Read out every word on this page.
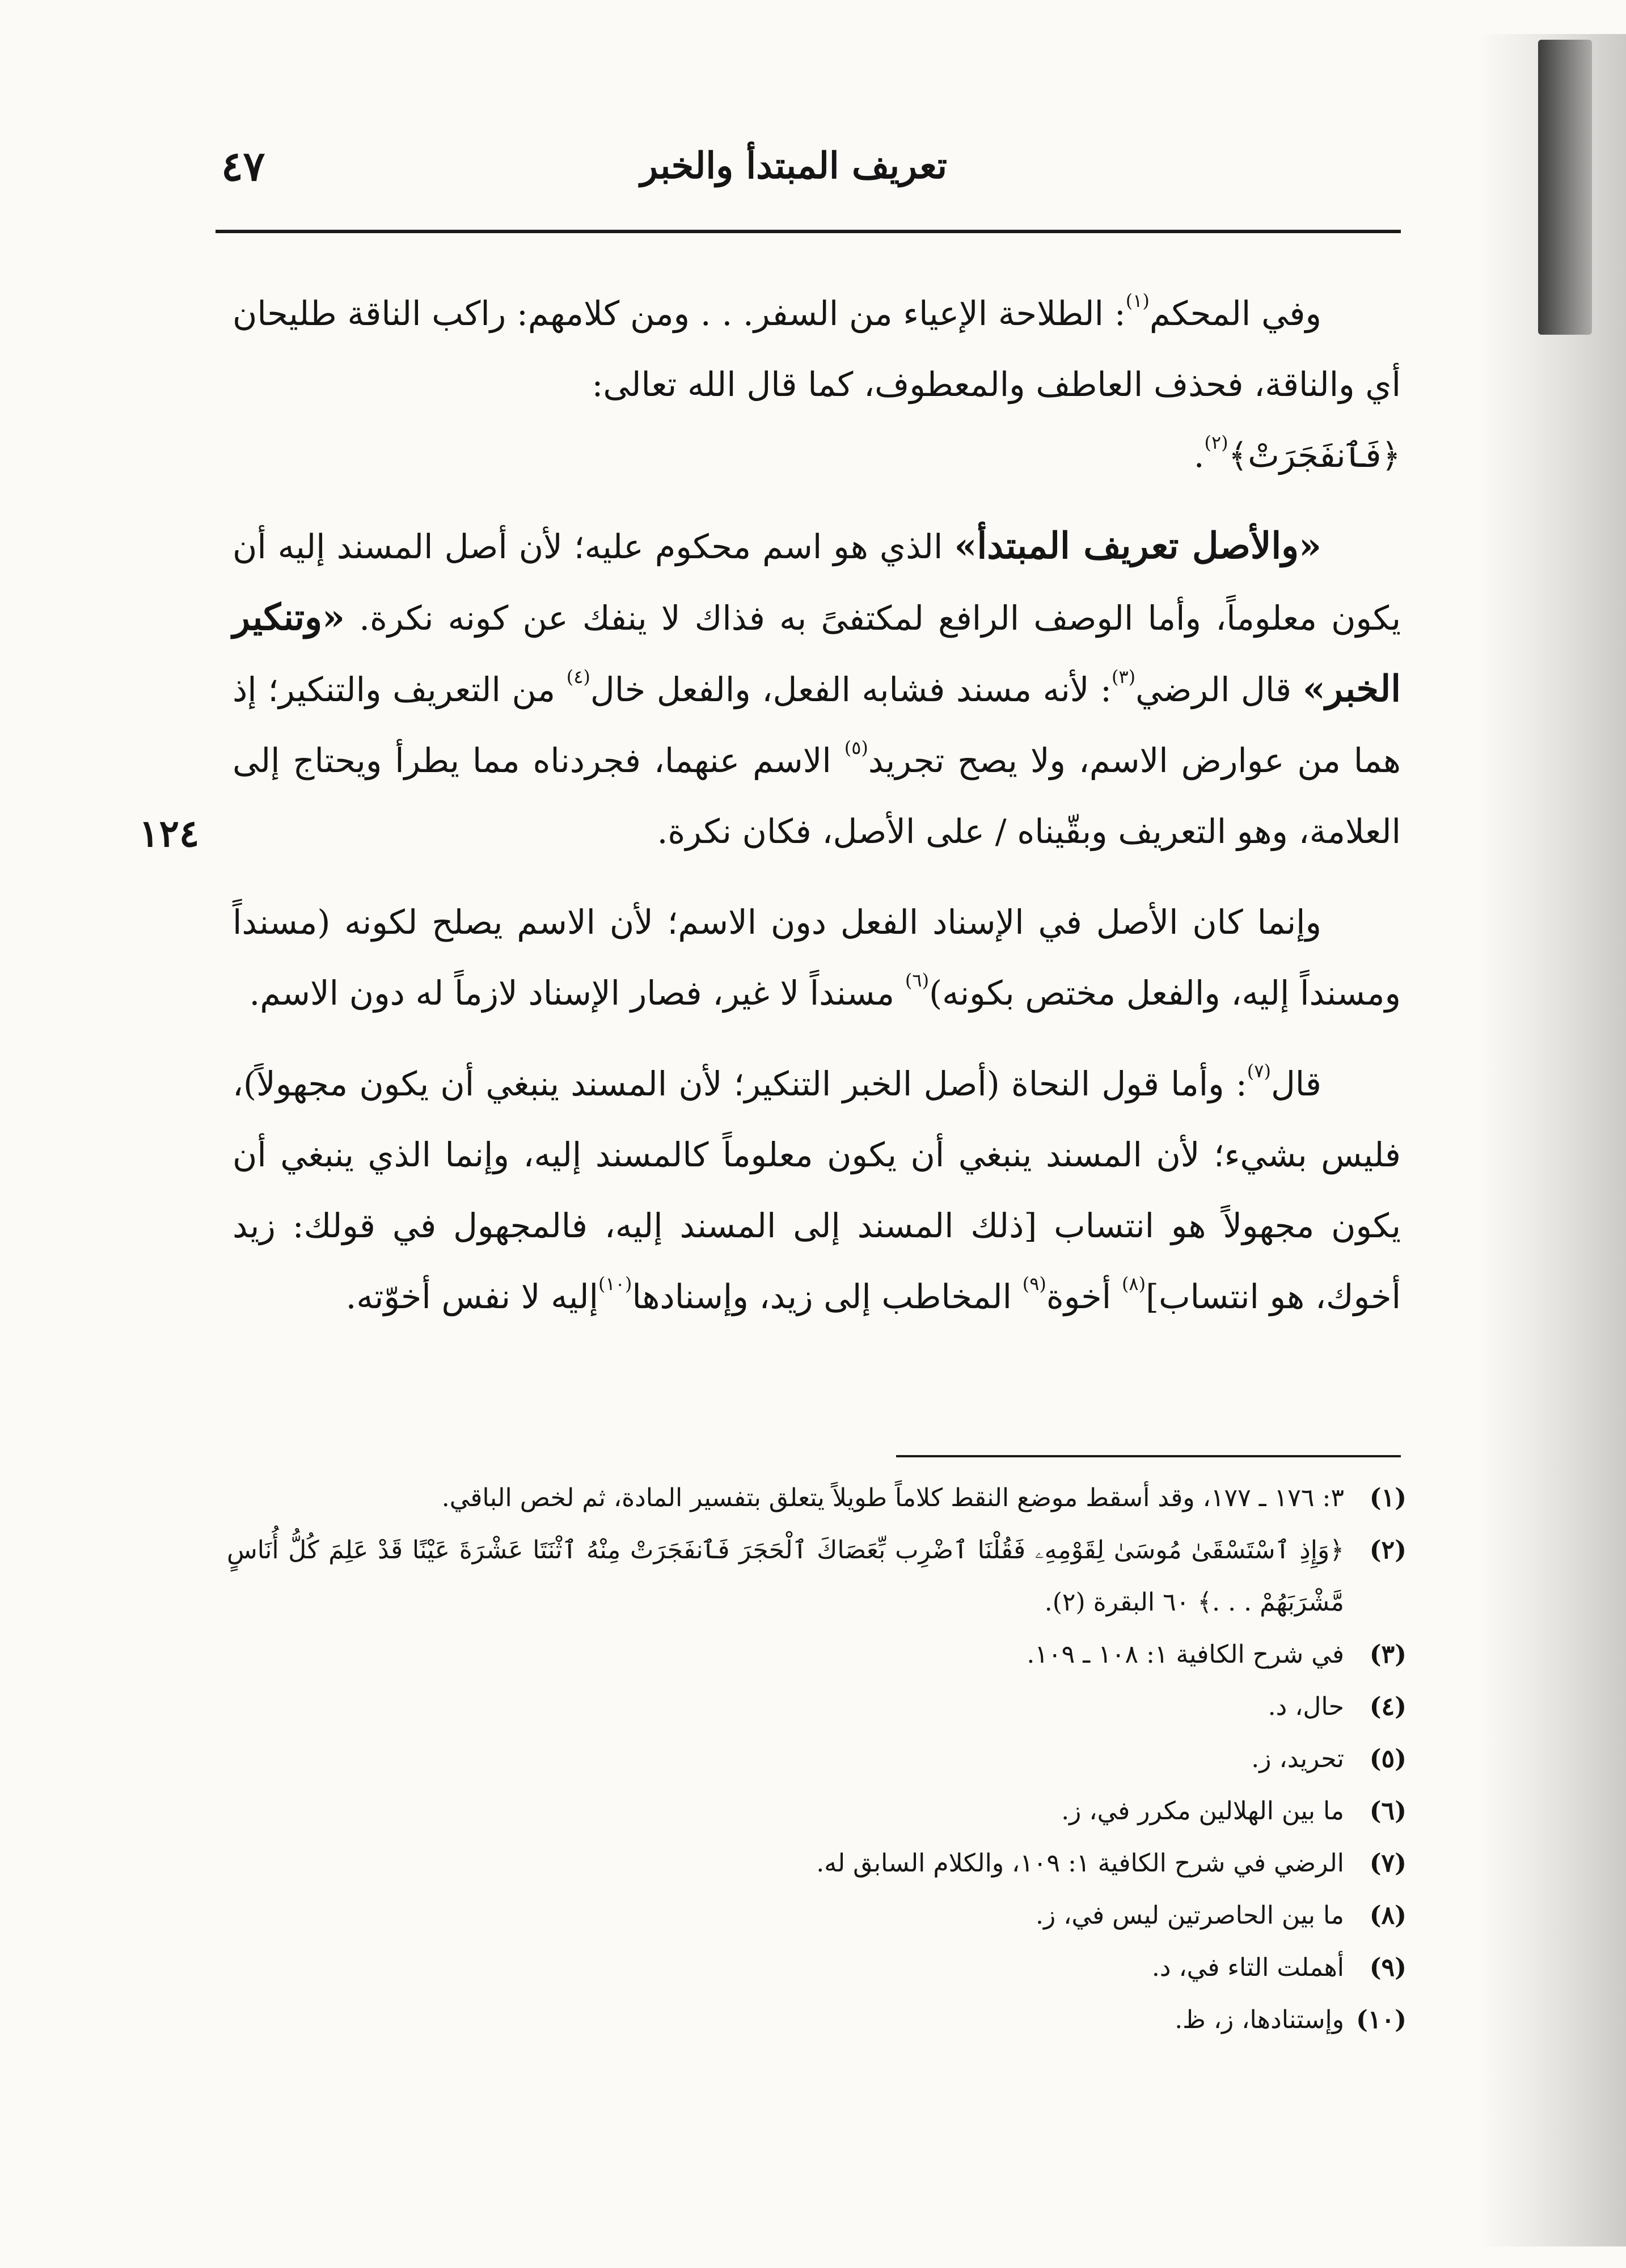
تعريف المبتدأ والخبر
٤٧
١٢٤

وفي المحكم$^{(١)}$: الطلاحة الإعياء من السفر. . . ومن كلامهم: راكب الناقة طليحان أي والناقة، فحذف العاطف والمعطوف، كما قال الله تعالى:
﴿فَٱنفَجَرَتْ﴾$^{(٢)}$.

«والأصل تعريف المبتدأ» الذي هو اسم محكوم عليه؛ لأن أصل المسند إليه أن يكون معلوماً، وأما الوصف الرافع لمكتفىً به فذاك لا ينفك عن كونه نكرة. «وتنكير الخبر» قال الرضي$^{(٣)}$: لأنه مسند فشابه الفعل، والفعل خال$^{(٤)}$ من التعريف والتنكير؛ إذ هما من عوارض الاسم، ولا يصح تجريد$^{(٥)}$ الاسم عنهما، فجردناه مما يطرأ ويحتاج إلى العلامة، وهو التعريف وبقّيناه / على الأصل، فكان نكرة.

وإنما كان الأصل في الإسناد الفعل دون الاسم؛ لأن الاسم يصلح لكونه (مسنداً ومسنداً إليه، والفعل مختص بكونه)$^{(٦)}$ مسنداً لا غير، فصار الإسناد لازماً له دون الاسم.

قال$^{(٧)}$: وأما قول النحاة (أصل الخبر التنكير؛ لأن المسند ينبغي أن يكون مجهولاً)، فليس بشيء؛ لأن المسند ينبغي أن يكون معلوماً كالمسند إليه، وإنما الذي ينبغي أن يكون مجهولاً هو انتساب [ذلك المسند إلى المسند إليه، فالمجهول في قولك: زيد أخوك، هو انتساب]$^{(٨)}$ أخوة$^{(٩)}$ المخاطب إلى زيد، وإسنادها$^{(١٠)}$إليه لا نفس أخوّته.

(١)
٣: ١٧٦ ـ ١٧٧، وقد أسقط موضع النقط كلاماً طويلاً يتعلق بتفسير المادة، ثم لخص الباقي.
(٢)
﴿وَإِذِ ٱسْتَسْقَىٰ مُوسَىٰ لِقَوْمِهِۦ فَقُلْنَا ٱضْرِب بِّعَصَاكَ ٱلْحَجَرَ فَٱنفَجَرَتْ مِنْهُ ٱثْنَتَا عَشْرَةَ عَيْنًا قَدْ عَلِمَ كُلُّ أُنَاسٍ مَّشْرَبَهُمْ . . .﴾ ٦٠ البقرة (٢).
(٣)
في شرح الكافية ١: ١٠٨ ـ ١٠٩.
(٤)
حال، د.
(٥)
تحريد، ز.
(٦)
ما بين الهلالين مكرر في، ز.
(٧)
الرضي في شرح الكافية ١: ١٠٩، والكلام السابق له.
(٨)
ما بين الحاصرتين ليس في، ز.
(٩)
أهملت التاء في، د.
(١٠)
وإستنادها، ز، ظ.
